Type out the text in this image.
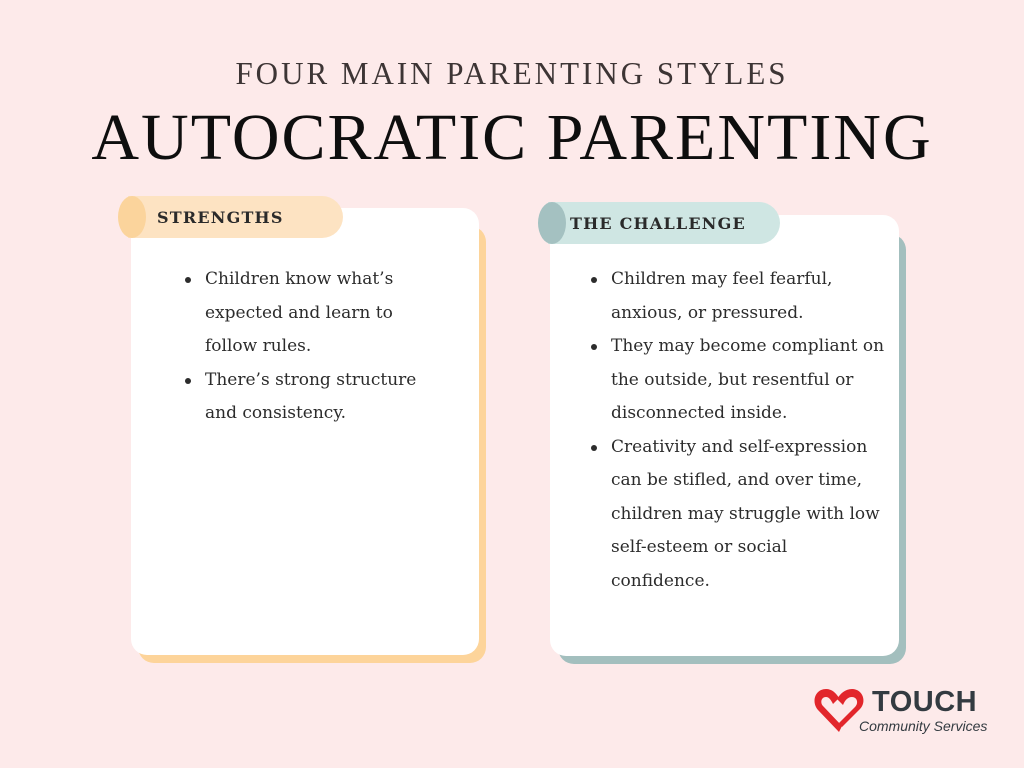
FOUR MAIN PARENTING STYLES
AUTOCRATIC PARENTING
STRENGTHS
Children know what’s expected and learn to follow rules.
There’s strong structure and consistency.
THE CHALLENGE
Children may feel fearful, anxious, or pressured.
They may become compliant on the outside, but resentful or disconnected inside.
Creativity and self-expression can be stifled, and over time, children may struggle with low self-esteem or social confidence.
TOUCH
Community Services
